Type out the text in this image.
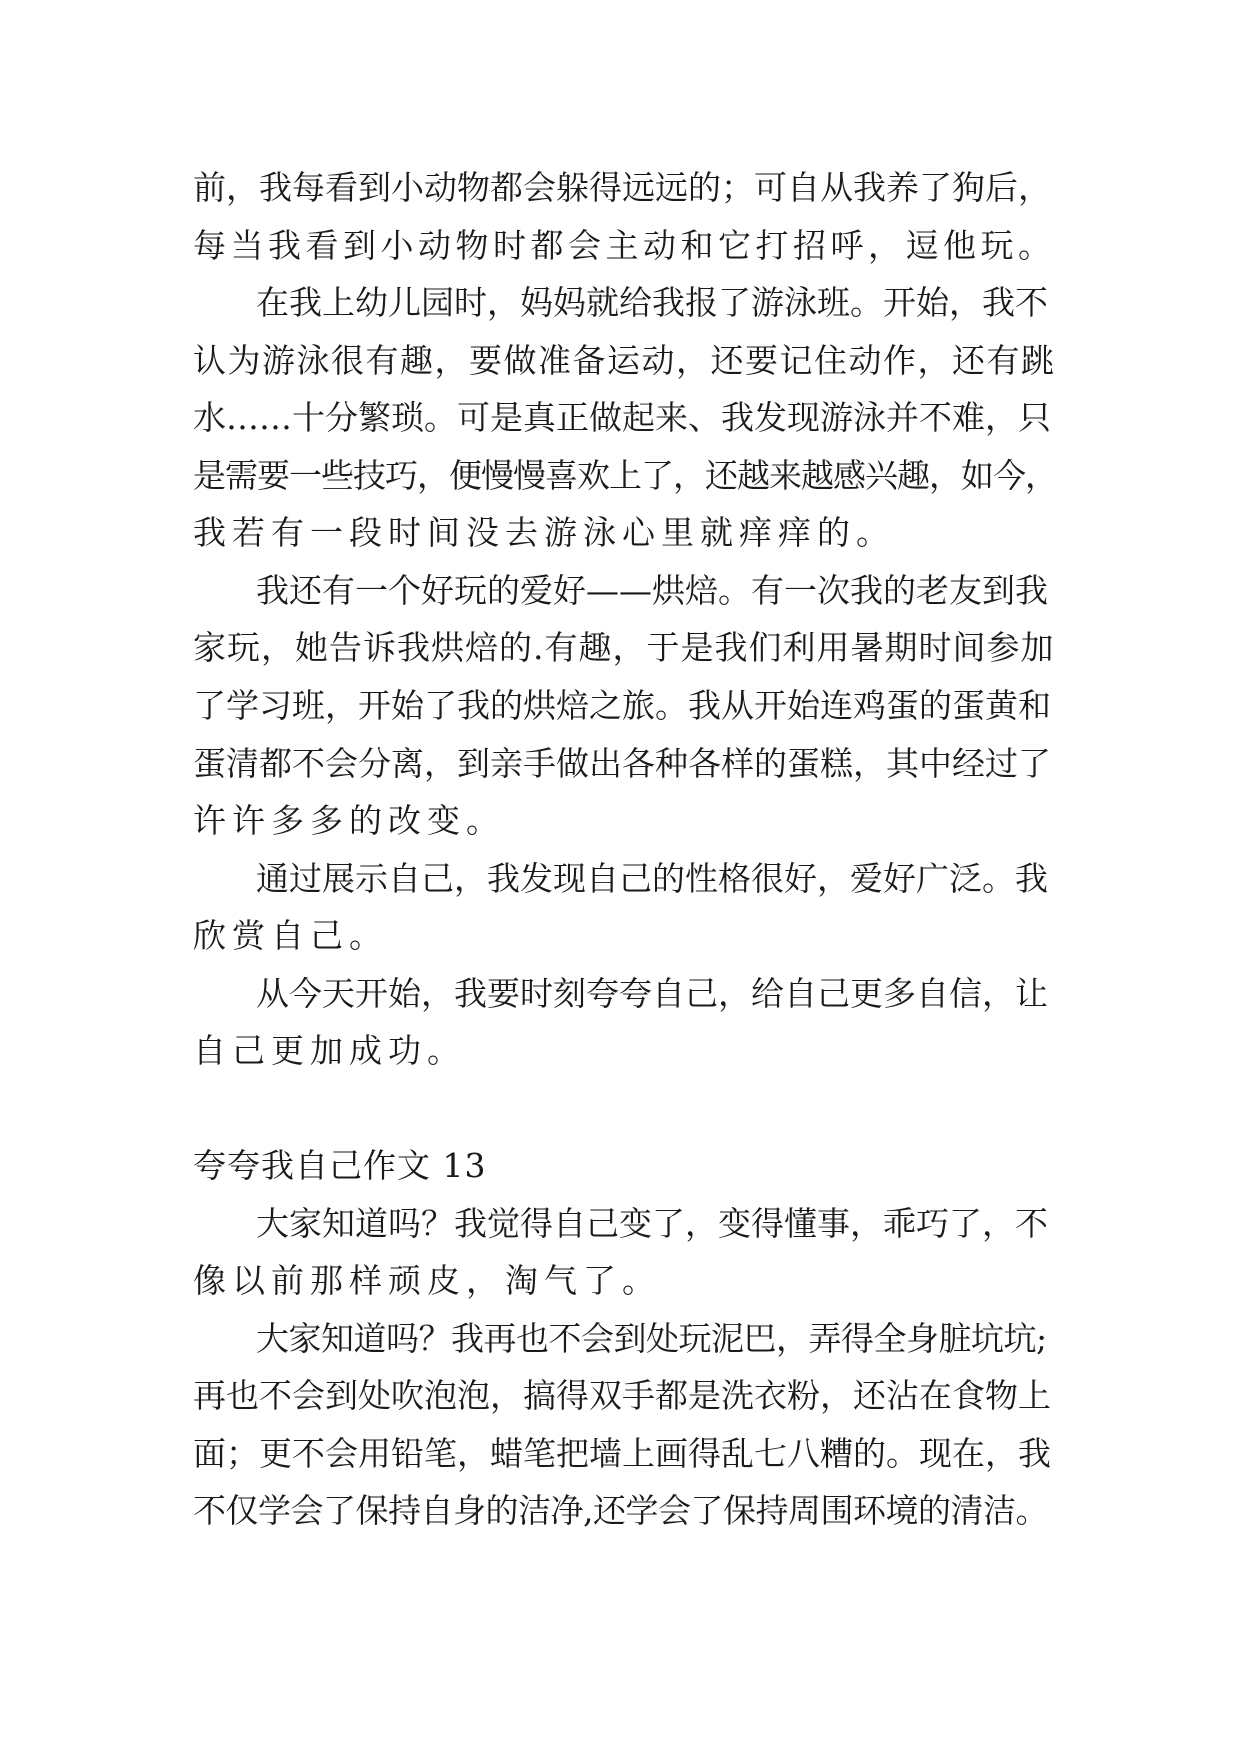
前，我每看到小动物都会躲得远远的；可自从我养了狗后，
每当我看到小动物时都会主动和它打招呼，逗他玩。
在我上幼儿园时，妈妈就给我报了游泳班。开始，我不
认为游泳很有趣，要做准备运动，还要记住动作，还有跳
水……十分繁琐。可是真正做起来、我发现游泳并不难，只
是需要一些技巧，便慢慢喜欢上了，还越来越感兴趣，如今，
我若有一段时间没去游泳心里就痒痒的。
我还有一个好玩的爱好——烘焙。有一次我的老友到我
家玩，她告诉我烘焙的.有趣，于是我们利用暑期时间参加
了学习班，开始了我的烘焙之旅。我从开始连鸡蛋的蛋黄和
蛋清都不会分离，到亲手做出各种各样的蛋糕，其中经过了
许许多多的改变。
通过展示自己，我发现自己的性格很好，爱好广泛。我
欣赏自己。
从今天开始，我要时刻夸夸自己，给自己更多自信，让
自己更加成功。
夸夸我自己作文 13
大家知道吗？我觉得自己变了，变得懂事，乖巧了，不
像以前那样顽皮，淘气了。
大家知道吗？我再也不会到处玩泥巴，弄得全身脏坑坑;
再也不会到处吹泡泡，搞得双手都是洗衣粉，还沾在食物上
面；更不会用铅笔，蜡笔把墙上画得乱七八糟的。现在，我
不仅学会了保持自身的洁净,还学会了保持周围环境的清洁。
